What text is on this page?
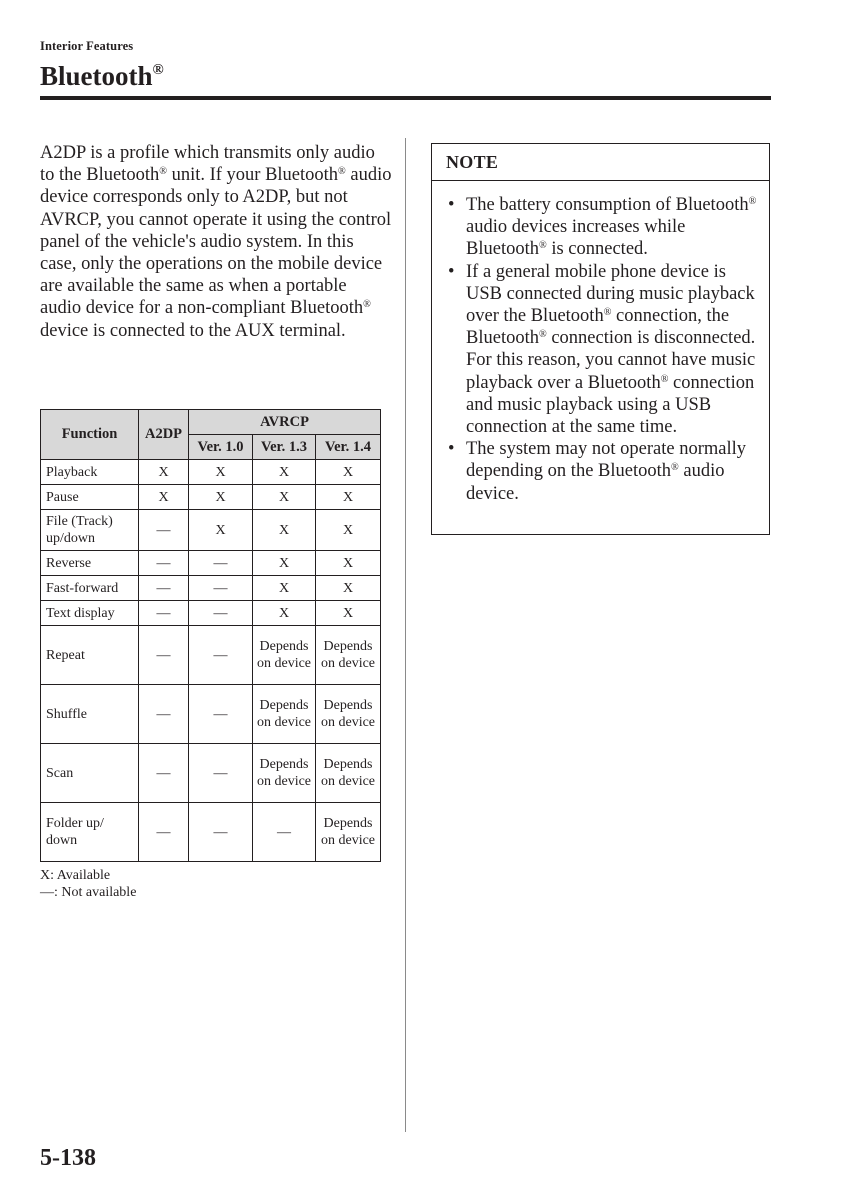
Interior Features
Bluetooth®

A2DP is a profile which transmits only audio to the Bluetooth® unit. If your Bluetooth® audio device corresponds only to A2DP, but not AVRCP, you cannot operate it using the control panel of the vehicle's audio system. In this case, only the operations on the mobile device are available the same as when a portable audio device for a non-compliant Bluetooth® device is connected to the AUX terminal.

Function	A2DP	AVRCP		
		Ver. 1.0	Ver. 1.3	Ver. 1.4
Playback	X	X	X	X
Pause	X	X	X	X
File (Track) up/down	—	X	X	X
Reverse	—	—	X	X
Fast-forward	—	—	X	X
Text display	—	—	X	X
Repeat	—	—	Depends on device	Depends on device
Shuffle	—	—	Depends on device	Depends on device
Scan	—	—	Depends on device	Depends on device
Folder up/ down	—	—	—	Depends on device
X: Available
—: Not available
NOTE
• The battery consumption of Bluetooth® audio devices increases while Bluetooth® is connected.
• If a general mobile phone device is USB connected during music playback over the Bluetooth® connection, the Bluetooth® connection is disconnected. For this reason, you cannot have music playback over a Bluetooth® connection and music playback using a USB connection at the same time.
• The system may not operate normally depending on the Bluetooth® audio device.
5-138
